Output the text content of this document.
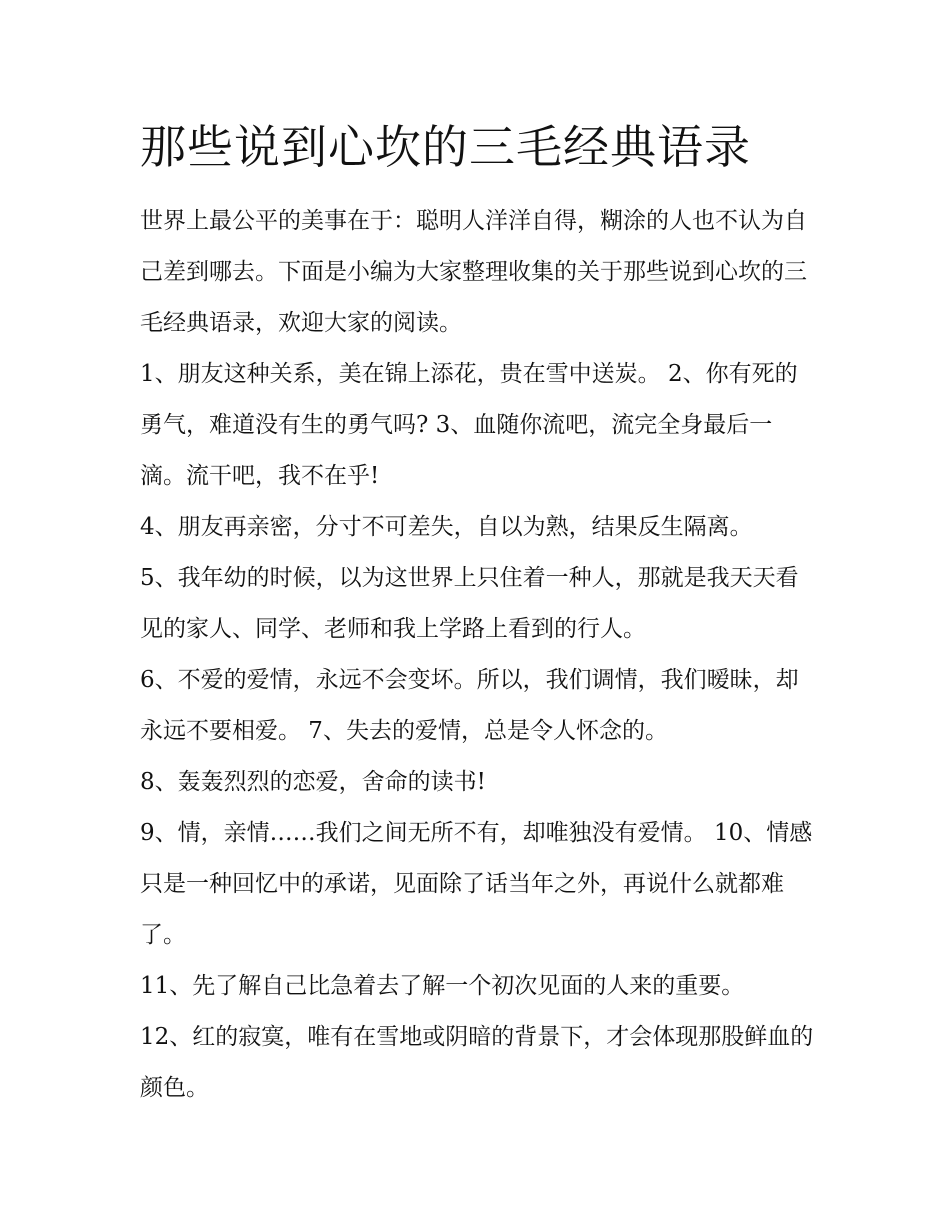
那些说到心坎的三毛经典语录

世界上最公平的美事在于：聪明人洋洋自得，糊涂的人也不认为自己差到哪去。下面是小编为大家整理收集的关于那些说到心坎的三毛经典语录，欢迎大家的阅读。

1、朋友这种关系，美在锦上添花，贵在雪中送炭。 2、你有死的勇气，难道没有生的勇气吗? 3、血随你流吧，流完全身最后一滴。流干吧，我不在乎!

4、朋友再亲密，分寸不可差失，自以为熟，结果反生隔离。

5、我年幼的时候，以为这世界上只住着一种人，那就是我天天看见的家人、同学、老师和我上学路上看到的行人。

6、不爱的爱情，永远不会变坏。所以，我们调情，我们暧昧，却永远不要相爱。 7、失去的爱情，总是令人怀念的。

8、轰轰烈烈的恋爱，舍命的读书!

9、情，亲情……我们之间无所不有，却唯独没有爱情。 10、情感只是一种回忆中的承诺，见面除了话当年之外，再说什么就都难了。

11、先了解自己比急着去了解一个初次见面的人来的重要。

12、红的寂寞，唯有在雪地或阴暗的背景下，才会体现那股鲜血的颜色。
